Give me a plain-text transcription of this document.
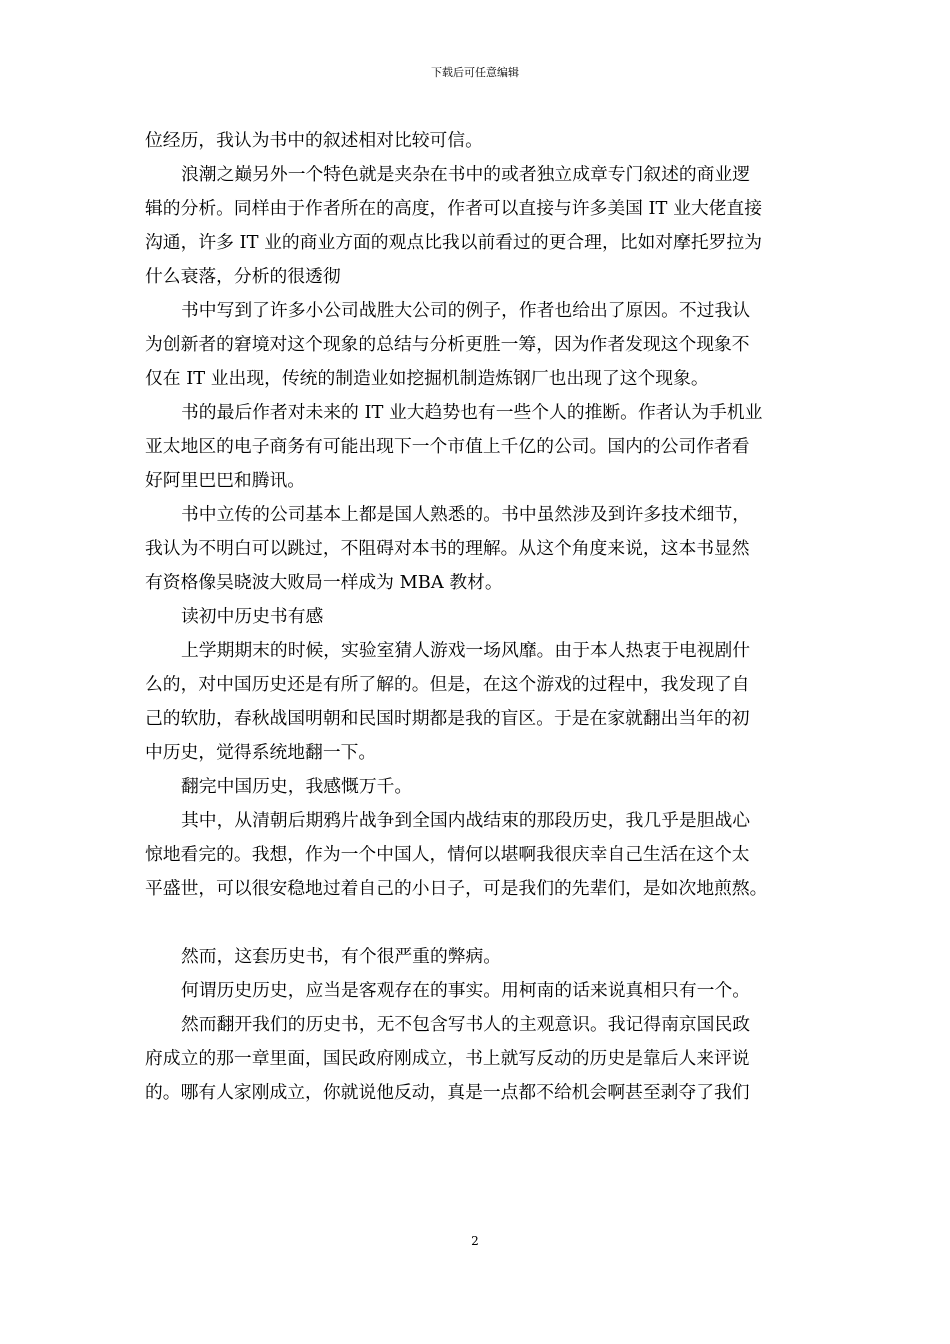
下载后可任意编辑
位经历，我认为书中的叙述相对比较可信。
浪潮之巅另外一个特色就是夹杂在书中的或者独立成章专门叙述的商业逻
辑的分析。同样由于作者所在的高度，作者可以直接与许多美国 IT 业大佬直接
沟通，许多 IT 业的商业方面的观点比我以前看过的更合理，比如对摩托罗拉为
什么衰落，分析的很透彻
书中写到了许多小公司战胜大公司的例子，作者也给出了原因。不过我认
为创新者的窘境对这个现象的总结与分析更胜一筹，因为作者发现这个现象不
仅在 IT 业出现，传统的制造业如挖掘机制造炼钢厂也出现了这个现象。
书的最后作者对未来的 IT 业大趋势也有一些个人的推断。作者认为手机业
亚太地区的电子商务有可能出现下一个市值上千亿的公司。国内的公司作者看
好阿里巴巴和腾讯。
书中立传的公司基本上都是国人熟悉的。书中虽然涉及到许多技术细节，
我认为不明白可以跳过，不阻碍对本书的理解。从这个角度来说，这本书显然
有资格像吴晓波大败局一样成为 MBA 教材。
读初中历史书有感
上学期期末的时候，实验室猜人游戏一场风靡。由于本人热衷于电视剧什
么的，对中国历史还是有所了解的。但是，在这个游戏的过程中，我发现了自
己的软肋，春秋战国明朝和民国时期都是我的盲区。于是在家就翻出当年的初
中历史，觉得系统地翻一下。
翻完中国历史，我感慨万千。
其中，从清朝后期鸦片战争到全国内战结束的那段历史，我几乎是胆战心
惊地看完的。我想，作为一个中国人，情何以堪啊我很庆幸自己生活在这个太
平盛世，可以很安稳地过着自己的小日子，可是我们的先辈们，是如次地煎熬。
然而，这套历史书，有个很严重的弊病。
何谓历史历史，应当是客观存在的事实。用柯南的话来说真相只有一个。
然而翻开我们的历史书，无不包含写书人的主观意识。我记得南京国民政
府成立的那一章里面，国民政府刚成立，书上就写反动的历史是靠后人来评说
的。哪有人家刚成立，你就说他反动，真是一点都不给机会啊甚至剥夺了我们
2
